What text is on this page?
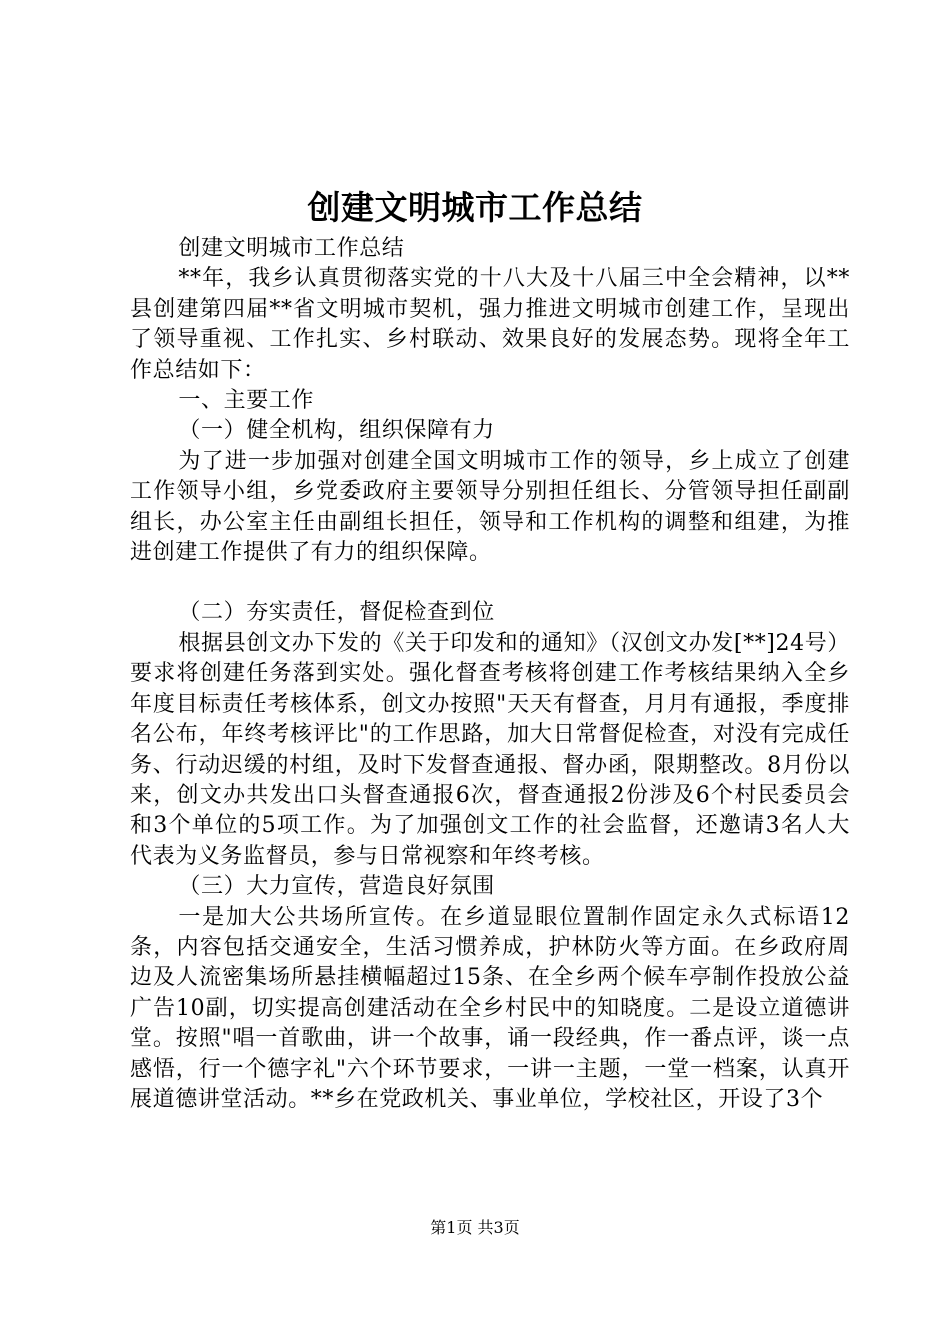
创建文明城市工作总结

创建文明城市工作总结

**年，我乡认真贯彻落实党的十八大及十八届三中全会精神，以**县创建第四届**省文明城市契机，强力推进文明城市创建工作，呈现出了领导重视、工作扎实、乡村联动、效果良好的发展态势。现将全年工作总结如下：

一、主要工作

（一）健全机构，组织保障有力

为了进一步加强对创建全国文明城市工作的领导，乡上成立了创建工作领导小组，乡党委政府主要领导分别担任组长、分管领导担任副副组长，办公室主任由副组长担任，领导和工作机构的调整和组建，为推进创建工作提供了有力的组织保障。

（二）夯实责任，督促检查到位

根据县创文办下发的《关于印发和的通知》（汉创文办发[**]24号）要求将创建任务落到实处。强化督查考核将创建工作考核结果纳入全乡年度目标责任考核体系，创文办按照"天天有督查，月月有通报，季度排名公布，年终考核评比"的工作思路，加大日常督促检查，对没有完成任务、行动迟缓的村组，及时下发督查通报、督办函，限期整改。8月份以来，创文办共发出口头督查通报6次，督查通报2份涉及6个村民委员会和3个单位的5项工作。为了加强创文工作的社会监督，还邀请3名人大代表为义务监督员，参与日常视察和年终考核。

（三）大力宣传，营造良好氛围

一是加大公共场所宣传。在乡道显眼位置制作固定永久式标语12条，内容包括交通安全，生活习惯养成，护林防火等方面。在乡政府周边及人流密集场所悬挂横幅超过15条、在全乡两个候车亭制作投放公益广告10副，切实提高创建活动在全乡村民中的知晓度。二是设立道德讲堂。按照"唱一首歌曲，讲一个故事，诵一段经典，作一番点评，谈一点感悟，行一个德字礼"六个环节要求，一讲一主题，一堂一档案，认真开展道德讲堂活动。**乡在党政机关、事业单位，学校社区，开设了3个

第1页 共3页
